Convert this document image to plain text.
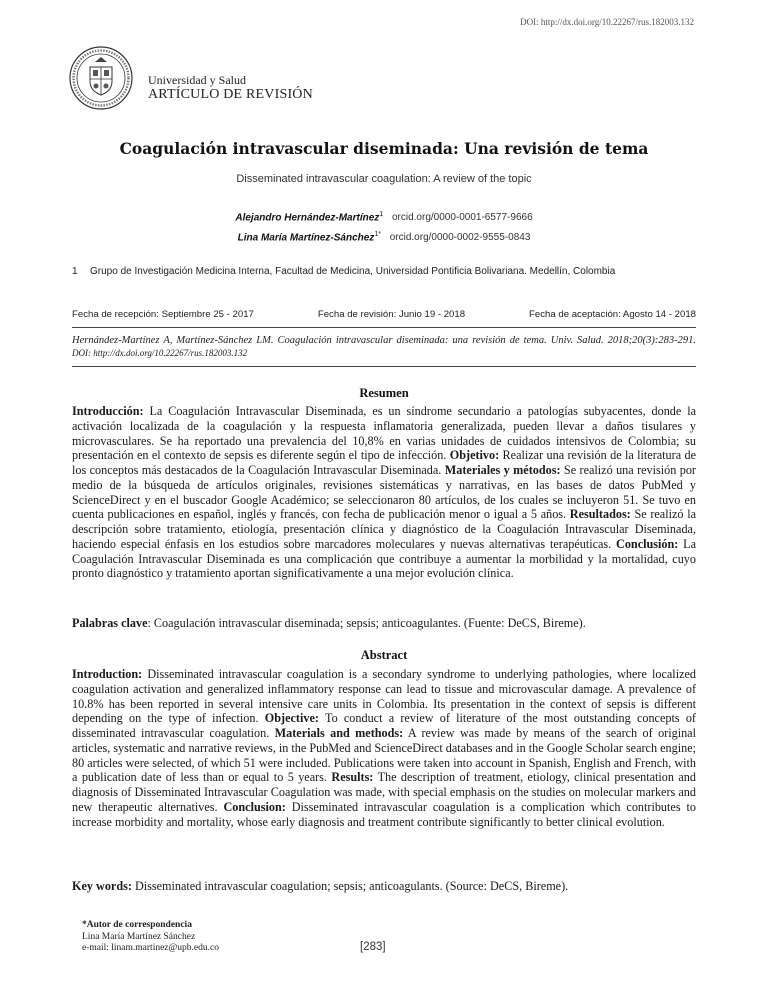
DOI: http://dx.doi.org/10.22267/rus.182003.132
Universidad y Salud
ARTÍCULO DE REVISIÓN
Coagulación intravascular diseminada: Una revisión de tema
Disseminated intravascular coagulation: A review of the topic
Alejandro Hernández-Martínez$^1$ orcid.org/0000-0001-6577-9666
Lina María Martínez-Sánchez$^{1*}$ orcid.org/0000-0002-9555-0843
1 Grupo de Investigación Medicina Interna, Facultad de Medicina, Universidad Pontificia Bolivariana. Medellín, Colombia
Fecha de recepción: Septiembre 25 - 2017	Fecha de revisión: Junio 19 - 2018	Fecha de aceptación: Agosto 14 - 2018
Hernández-Martínez A, Martínez-Sánchez LM. Coagulación intravascular diseminada: una revisión de tema. Univ. Salud. 2018;20(3):283-291. DOI: http://dx.doi.org/10.22267/rus.182003.132
Resumen
Introducción: La Coagulación Intravascular Diseminada, es un síndrome secundario a patologías subyacentes, donde la activación localizada de la coagulación y la respuesta inflamatoria generalizada, pueden llevar a daños tisulares y microvasculares. Se ha reportado una prevalencia del 10,8% en varias unidades de cuidados intensivos de Colombia; su presentación en el contexto de sepsis es diferente según el tipo de infección. Objetivo: Realizar una revisión de la literatura de los conceptos más destacados de la Coagulación Intravascular Diseminada. Materiales y métodos: Se realizó una revisión por medio de la búsqueda de artículos originales, revisiones sistemáticas y narrativas, en las bases de datos PubMed y ScienceDirect y en el buscador Google Académico; se seleccionaron 80 artículos, de los cuales se incluyeron 51. Se tuvo en cuenta publicaciones en español, inglés y francés, con fecha de publicación menor o igual a 5 años. Resultados: Se realizó la descripción sobre tratamiento, etiología, presentación clínica y diagnóstico de la Coagulación Intravascular Diseminada, haciendo especial énfasis en los estudios sobre marcadores moleculares y nuevas alternativas terapéuticas. Conclusión: La Coagulación Intravascular Diseminada es una complicación que contribuye a aumentar la morbilidad y la mortalidad, cuyo pronto diagnóstico y tratamiento aportan significativamente a una mejor evolución clínica.
Palabras clave: Coagulación intravascular diseminada; sepsis; anticoagulantes. (Fuente: DeCS, Bireme).
Abstract
Introduction: Disseminated intravascular coagulation is a secondary syndrome to underlying pathologies, where localized coagulation activation and generalized inflammatory response can lead to tissue and microvascular damage. A prevalence of 10.8% has been reported in several intensive care units in Colombia. Its presentation in the context of sepsis is different depending on the type of infection. Objective: To conduct a review of literature of the most outstanding concepts of disseminated intravascular coagulation. Materials and methods: A review was made by means of the search of original articles, systematic and narrative reviews, in the PubMed and ScienceDirect databases and in the Google Scholar search engine; 80 articles were selected, of which 51 were included. Publications were taken into account in Spanish, English and French, with a publication date of less than or equal to 5 years. Results: The description of treatment, etiology, clinical presentation and diagnosis of Disseminated Intravascular Coagulation was made, with special emphasis on the studies on molecular markers and new therapeutic alternatives. Conclusion: Disseminated intravascular coagulation is a complication which contributes to increase morbidity and mortality, whose early diagnosis and treatment contribute significantly to better clinical evolution.
Key words: Disseminated intravascular coagulation; sepsis; anticoagulants. (Source: DeCS, Bireme).
*Autor de correspondencia
Lina María Martínez Sánchez
e-mail: linam.martinez@upb.edu.co	[283]
